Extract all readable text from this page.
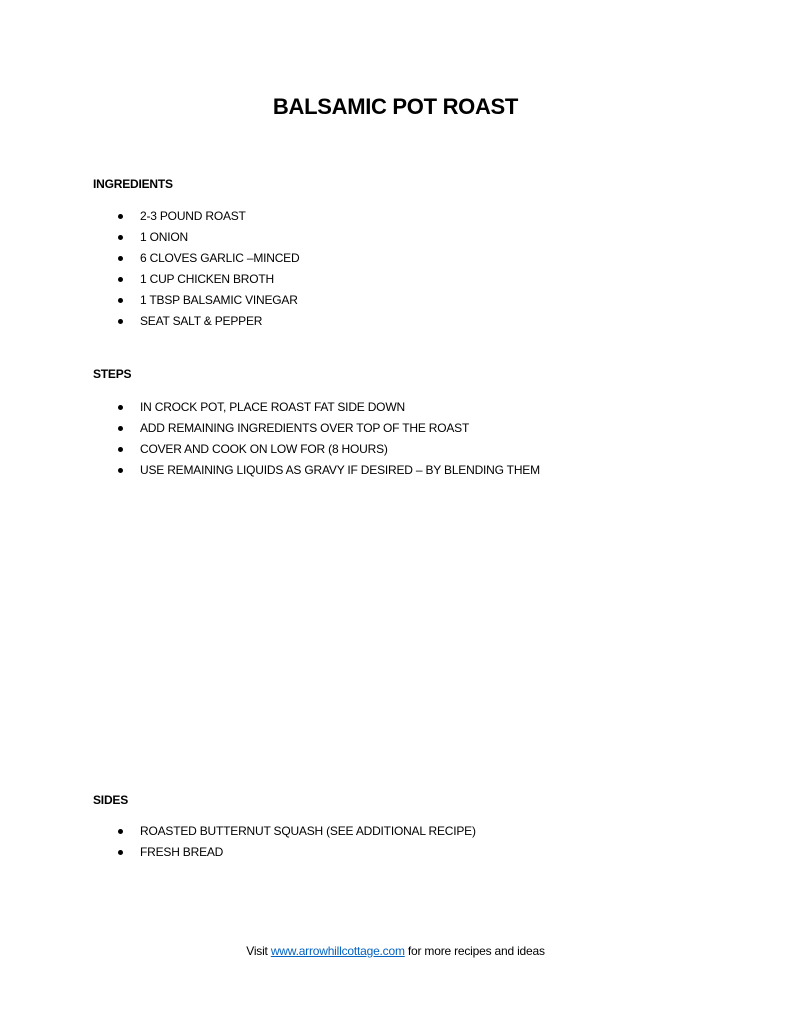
BALSAMIC POT ROAST
INGREDIENTS
2-3 POUND ROAST
1 ONION
6 CLOVES GARLIC –MINCED
1 CUP CHICKEN BROTH
1 TBSP BALSAMIC VINEGAR
SEAT SALT & PEPPER
STEPS
IN CROCK POT, PLACE ROAST FAT SIDE DOWN
ADD REMAINING INGREDIENTS OVER TOP OF THE ROAST
COVER AND COOK ON LOW FOR (8 HOURS)
USE REMAINING LIQUIDS AS GRAVY IF DESIRED – BY BLENDING THEM
SIDES
ROASTED BUTTERNUT SQUASH (SEE ADDITIONAL RECIPE)
FRESH BREAD

Visit www.arrowhillcottage.com for more recipes and ideas
